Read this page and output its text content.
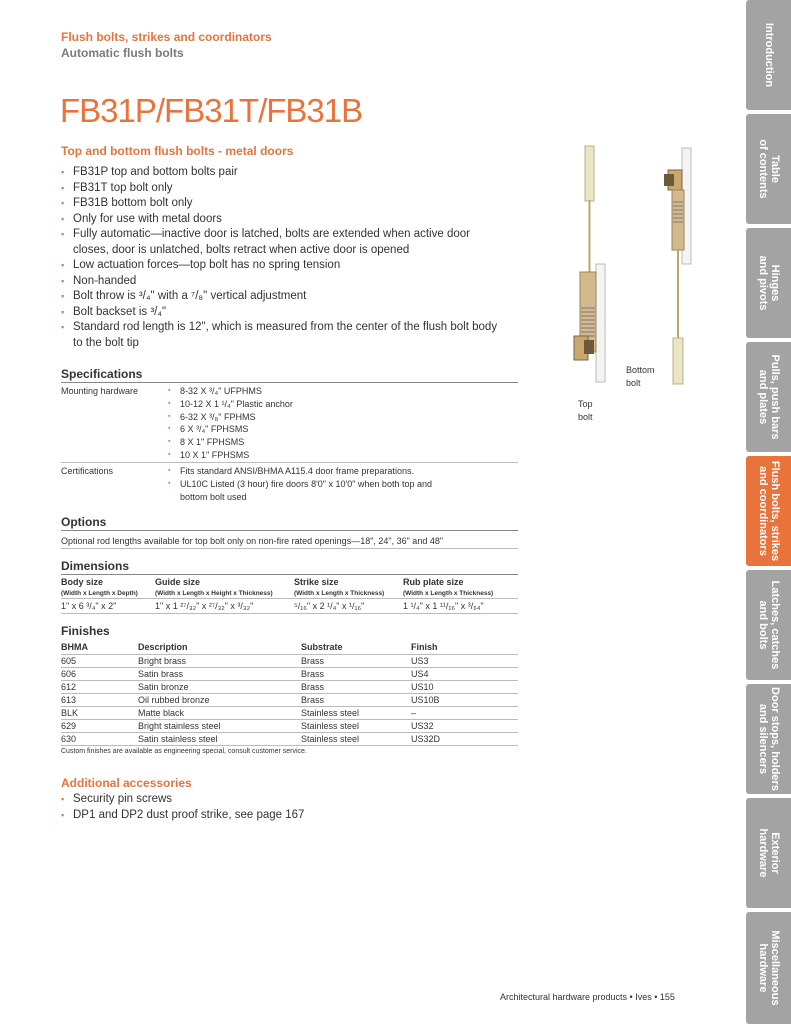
Flush bolts, strikes and coordinators
Automatic flush bolts
FB31P/FB31T/FB31B
Top and bottom flush bolts - metal doors
▪ FB31P top and bottom bolts pair
▪ FB31T top bolt only
▪ FB31B bottom bolt only
▪ Only for use with metal doors
▪ Fully automatic—inactive door is latched, bolts are extended when active door closes, door is unlatched, bolts retract when active door is opened
▪ Low actuation forces—top bolt has no spring tension
▪ Non-handed
▪ Bolt throw is ³/₄" with a ⁷/₈" vertical adjustment
▪ Bolt backset is ³/₄"
▪ Standard rod length is 12", which is measured from the center of the flush bolt body to the bolt tip
Bottom bolt
Top bolt
Specifications
Mounting hardware	▪ 8-32 X ³/₄" UFPHMS
▪ 10-12 X 1 ¹/₄" Plastic anchor
▪ 6-32 X ³/₈" FPHMS
▪ 6 X ³/₄" FPHSMS
▪ 8 X 1" FPHSMS
▪ 10 X 1" FPHSMS
Certifications	▪ Fits standard ANSI/BHMA A115.4 door frame preparations.
▪ UL10C Listed (3 hour) fire doors 8'0" x 10'0" when both top and bottom bolt used
Options
Optional rod lengths available for top bolt only on non-fire rated openings—18", 24", 36" and 48"
Dimensions
Body size	Guide size	Strike size	Rub plate size
(Width x Length x Depth)	(Width x Length x Height x Thickness)	(Width x Length x Thickness)	(Width x Length x Thickness)
1" x 6 ³/₄" x 2"	1" x 1 ²⁷/₃₂" x ²⁷/₃₂" x ³/₃₂"	⁵/₁₆" x 2 ¹/₄" x ¹/₁₆"	1 ¹/₄" x 1 ¹¹/₁₆" x ³/₆₄"
Finishes
BHMA	Description	Substrate	Finish
605	Bright brass	Brass	US3
606	Satin brass	Brass	US4
612	Satin bronze	Brass	US10
613	Oil rubbed bronze	Brass	US10B
BLK	Matte black	Stainless steel	–
629	Bright stainless steel	Stainless steel	US32
630	Satin stainless steel	Stainless steel	US32D
Custom finishes are available as engineering special, consult customer service.
Additional accessories
▪ Security pin screws
▪ DP1 and DP2 dust proof strike, see page 167
Architectural hardware products • Ives • 155
Introduction
Table
of contents
Hinges
and pivots
Pulls, push bars
and plates
Flush bolts, strikes
and coordinators
Latches, catches
and bolts
Door stops, holders
and silencers
Exterior
hardware
Miscellaneous
hardware
